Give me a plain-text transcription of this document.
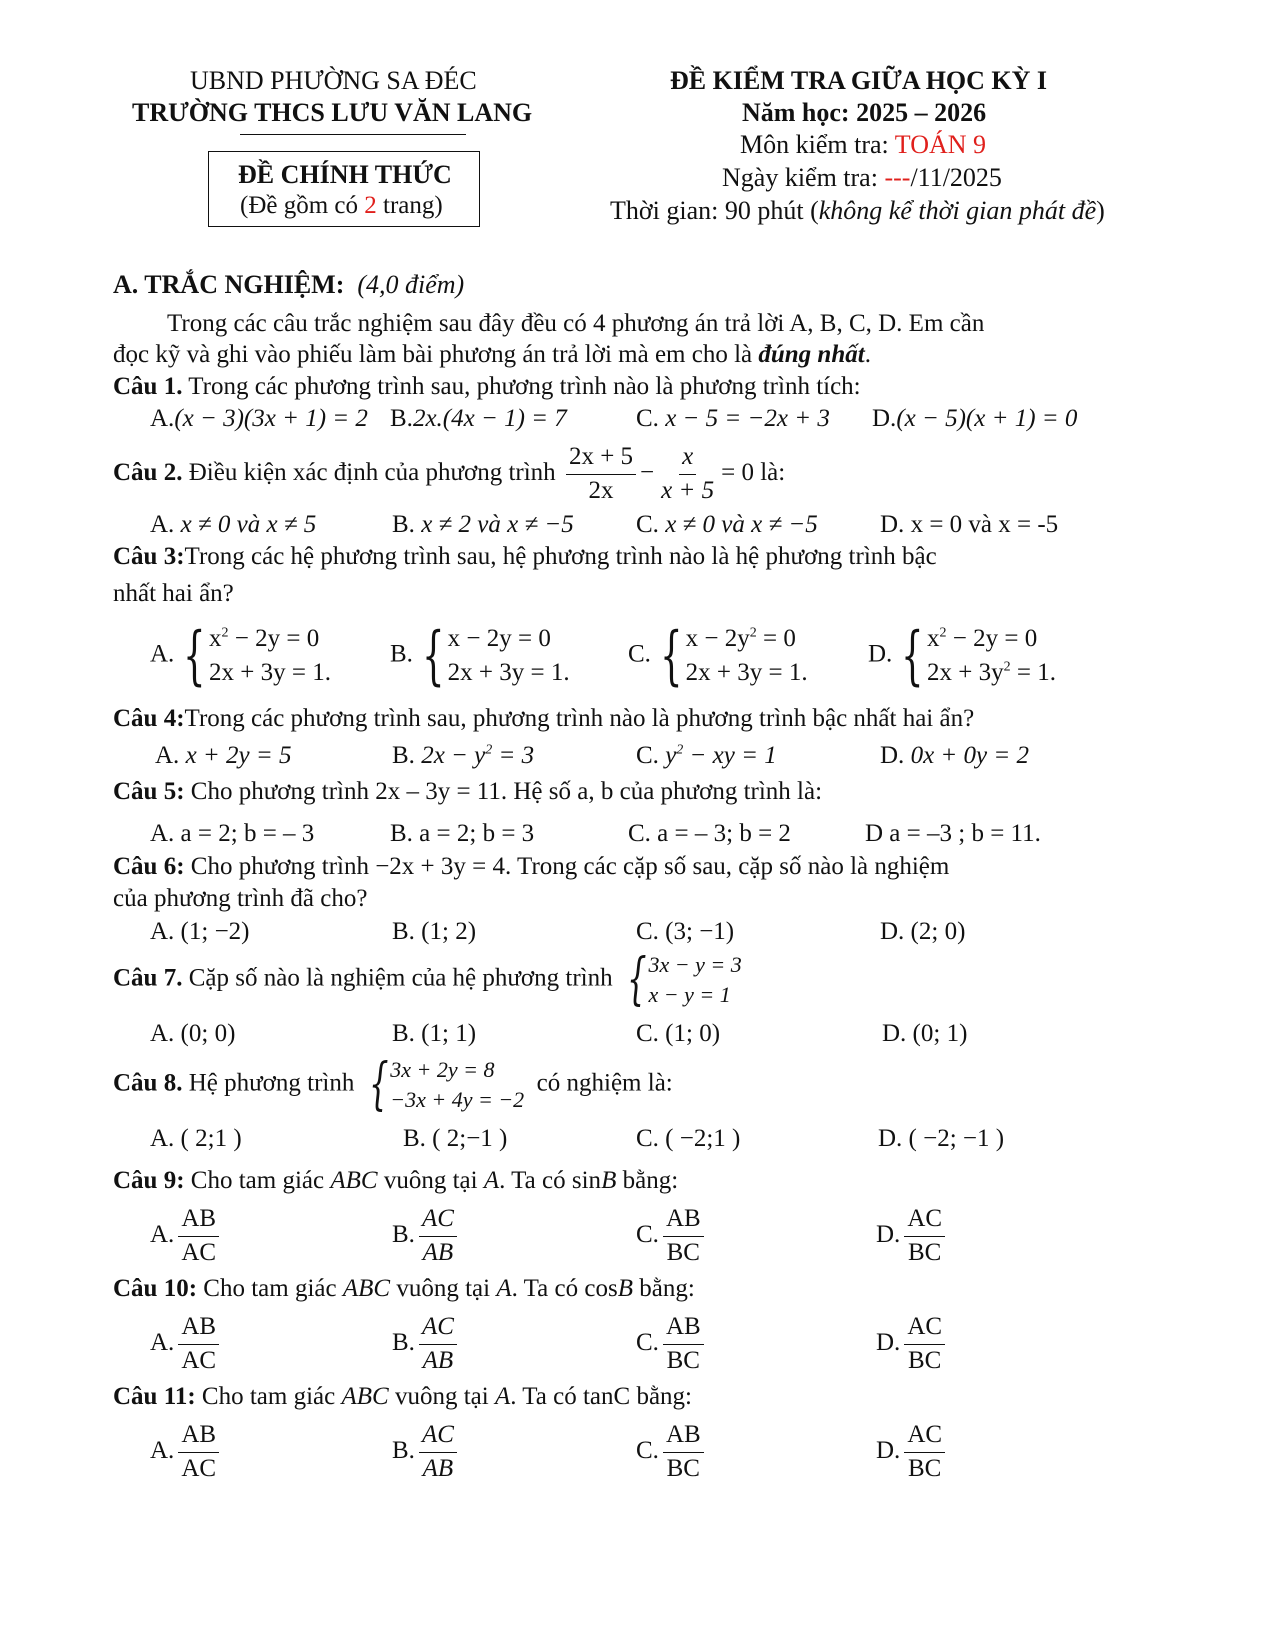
UBND PHƯỜNG SA ĐÉC
TRƯỜNG THCS LƯU VĂN LANG
ĐỀ CHÍNH THỨC
(Đề gồm có 2 trang)
ĐỀ KIỂM TRA GIỮA HỌC KỲ I
Năm học: 2025 – 2026
Môn kiểm tra: TOÁN 9
Ngày kiểm tra: ---/11/2025
Thời gian: 90 phút (không kể thời gian phát đề)
A. TRẮC NGHIỆM: (4,0 điểm)
Trong các câu trắc nghiệm sau đây đều có 4 phương án trả lời A, B, C, D. Em cần
đọc kỹ và ghi vào phiếu làm bài phương án trả lời mà em cho là đúng nhất.
Câu 1. Trong các phương trình sau, phương trình nào là phương trình tích:
A.(x − 3)(3x + 1) = 2 B.2x.(4x − 1) = 7	C. x − 5 = −2x + 3 D.(x − 5)(x + 1) = 0
Câu 2. Điều kiện xác định của phương trình $\frac{2x + 5}{2x} - \frac{x}{x + 5} = 0$ là:
A. x ≠ 0 và x ≠ 5	B. x ≠ 2 và x ≠ −5 C. x ≠ 0 và x ≠ −5 D. x = 0 và x = -5
Câu 3:Trong các hệ phương trình sau, hệ phương trình nào là hệ phương trình bậc
nhất hai ẩn?
A. { $x^2 - 2y = 0$
2x + 3y = 1.
B. { x − 2y = 0
2x + 3y = 1.
C. { $x - 2y^2 = 0$
2x + 3y = 1.
D. { $x^2 - 2y = 0$
$2x + 3y^2 = 1$.
Câu 4:Trong các phương trình sau, phương trình nào là phương trình bậc nhất hai ẩn?
A. x + 2y = 5	B. $2x - y^2 = 3$	C. $y^2$ − xy = 1	D. 0x + 0y = 2
Câu 5: Cho phương trình 2x – 3y = 11. Hệ số a, b của phương trình là:
A. a = 2; b = – 3	B. a = 2; b = 3	C. a = – 3; b = 2	D a = –3 ; b = 11.
Câu 6: Cho phương trình −2x + 3y = 4. Trong các cặp số sau, cặp số nào là nghiệm
của phương trình đã cho?
A. (1; −2)	B. (1; 2)	C. (3; −1)	D. (2; 0)
Câu 7. Cặp số nào là nghiệm của hệ phương trình { 3x − y = 3
x − y = 1
A. (0; 0)	B. (1; 1)	C. (1; 0)	D. (0; 1)
Câu 8. Hệ phương trình { 3x + 2y = 8
−3x + 4y = −2
có nghiệm là:
A. ( 2;1 )	B. ( 2;−1 )	C. ( −2;1 )	D. ( −2; −1 )
Câu 9: Cho tam giác ABC vuông tại A. Ta có sinB bằng:
A. $\frac{AB}{AC}$	B. $\frac{AC}{AB}$	C. $\frac{AB}{BC}$	D. $\frac{AC}{BC}$
Câu 10: Cho tam giác ABC vuông tại A. Ta có cosB bằng:
A. $\frac{AB}{AC}$	B. $\frac{AC}{AB}$	C. $\frac{AB}{BC}$	D. $\frac{AC}{BC}$
Câu 11: Cho tam giác ABC vuông tại A. Ta có tanC bằng:
A. $\frac{AB}{AC}$	B. $\frac{AC}{AB}$	C. $\frac{AB}{BC}$	D. $\frac{AC}{BC}$
